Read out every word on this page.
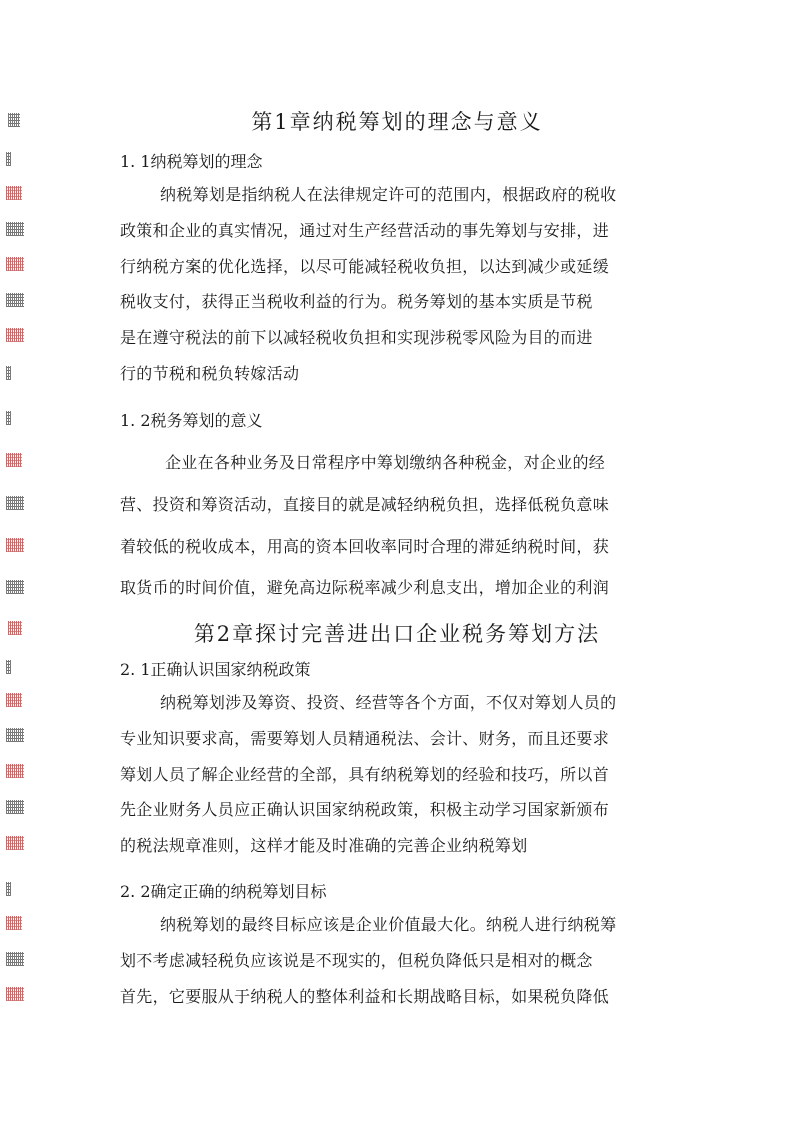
第1章纳税筹划的理念与意义
1. 1纳税筹划的理念
纳税筹划是指纳税人在法律规定许可的范围内，根据政府的税收
政策和企业的真实情况，通过对生产经营活动的事先筹划与安排，进
行纳税方案的优化选择，以尽可能减轻税收负担，以达到减少或延缓
税收支付，获得正当税收利益的行为。税务筹划的基本实质是节税
是在遵守税法的前下以减轻税收负担和实现涉税零风险为目的而进
行的节税和税负转嫁活动
1. 2税务筹划的意义
企业在各种业务及日常程序中筹划缴纳各种税金，对企业的经
营、投资和筹资活动，直接目的就是减轻纳税负担，选择低税负意味
着较低的税收成本，用高的资本回收率同时合理的滞延纳税时间，获
取货币的时间价值，避免高边际税率减少利息支出，增加企业的利润
第2章探讨完善进出口企业税务筹划方法
2. 1正确认识国家纳税政策
纳税筹划涉及筹资、投资、经营等各个方面，不仅对筹划人员的
专业知识要求高，需要筹划人员精通税法、会计、财务，而且还要求
筹划人员了解企业经营的全部，具有纳税筹划的经验和技巧，所以首
先企业财务人员应正确认识国家纳税政策，积极主动学习国家新颁布
的税法规章准则，这样才能及时准确的完善企业纳税筹划
2. 2确定正确的纳税筹划目标
纳税筹划的最终目标应该是企业价值最大化。纳税人进行纳税筹
划不考虑减轻税负应该说是不现实的，但税负降低只是相对的概念
首先，它要服从于纳税人的整体利益和长期战略目标，如果税负降低
